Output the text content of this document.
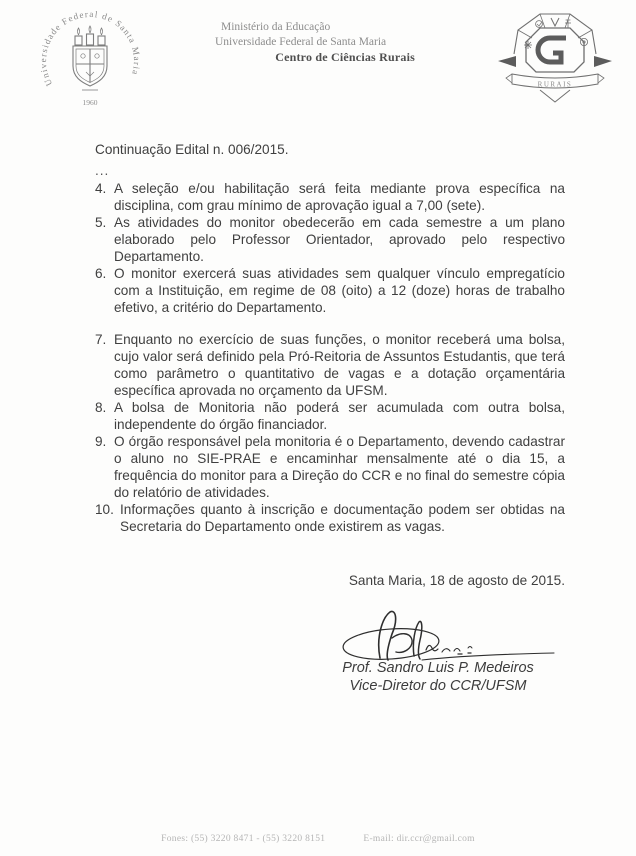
Universidade Federal de Santa Maria
1960
Ministério da Educação
Universidade Federal de Santa Maria
Centro de Ciências Rurais
RURAIS

Continuação Edital n. 006/2015.

...

4. A seleção e/ou habilitação será feita mediante prova específica na disciplina, com grau mínimo de aprovação igual a 7,00 (sete).
5. As atividades do monitor obedecerão em cada semestre a um plano elaborado pelo Professor Orientador, aprovado pelo respectivo Departamento.
6. O monitor exercerá suas atividades sem qualquer vínculo empregatício com a Instituição, em regime de 08 (oito) a 12 (doze) horas de trabalho efetivo, a critério do Departamento.
7. Enquanto no exercício de suas funções, o monitor receberá uma bolsa, cujo valor será definido pela Pró-Reitoria de Assuntos Estudantis, que terá como parâmetro o quantitativo de vagas e a dotação orçamentária específica aprovada no orçamento da UFSM.
8. A bolsa de Monitoria não poderá ser acumulada com outra bolsa, independente do órgão financiador.
9. O órgão responsável pela monitoria é o Departamento, devendo cadastrar o aluno no SIE-PRAE e encaminhar mensalmente até o dia 15, a frequência do monitor para a Direção do CCR e no final do semestre cópia do relatório de atividades.
10. Informações quanto à inscrição e documentação podem ser obtidas na Secretaria do Departamento onde existirem as vagas.

Santa Maria, 18 de agosto de 2015.

Prof. Sandro Luis P. Medeiros
Vice-Diretor do CCR/UFSM
Fones: (55) 3220 8471 - (55) 3220 8151	E-mail: dir.ccr@gmail.com
